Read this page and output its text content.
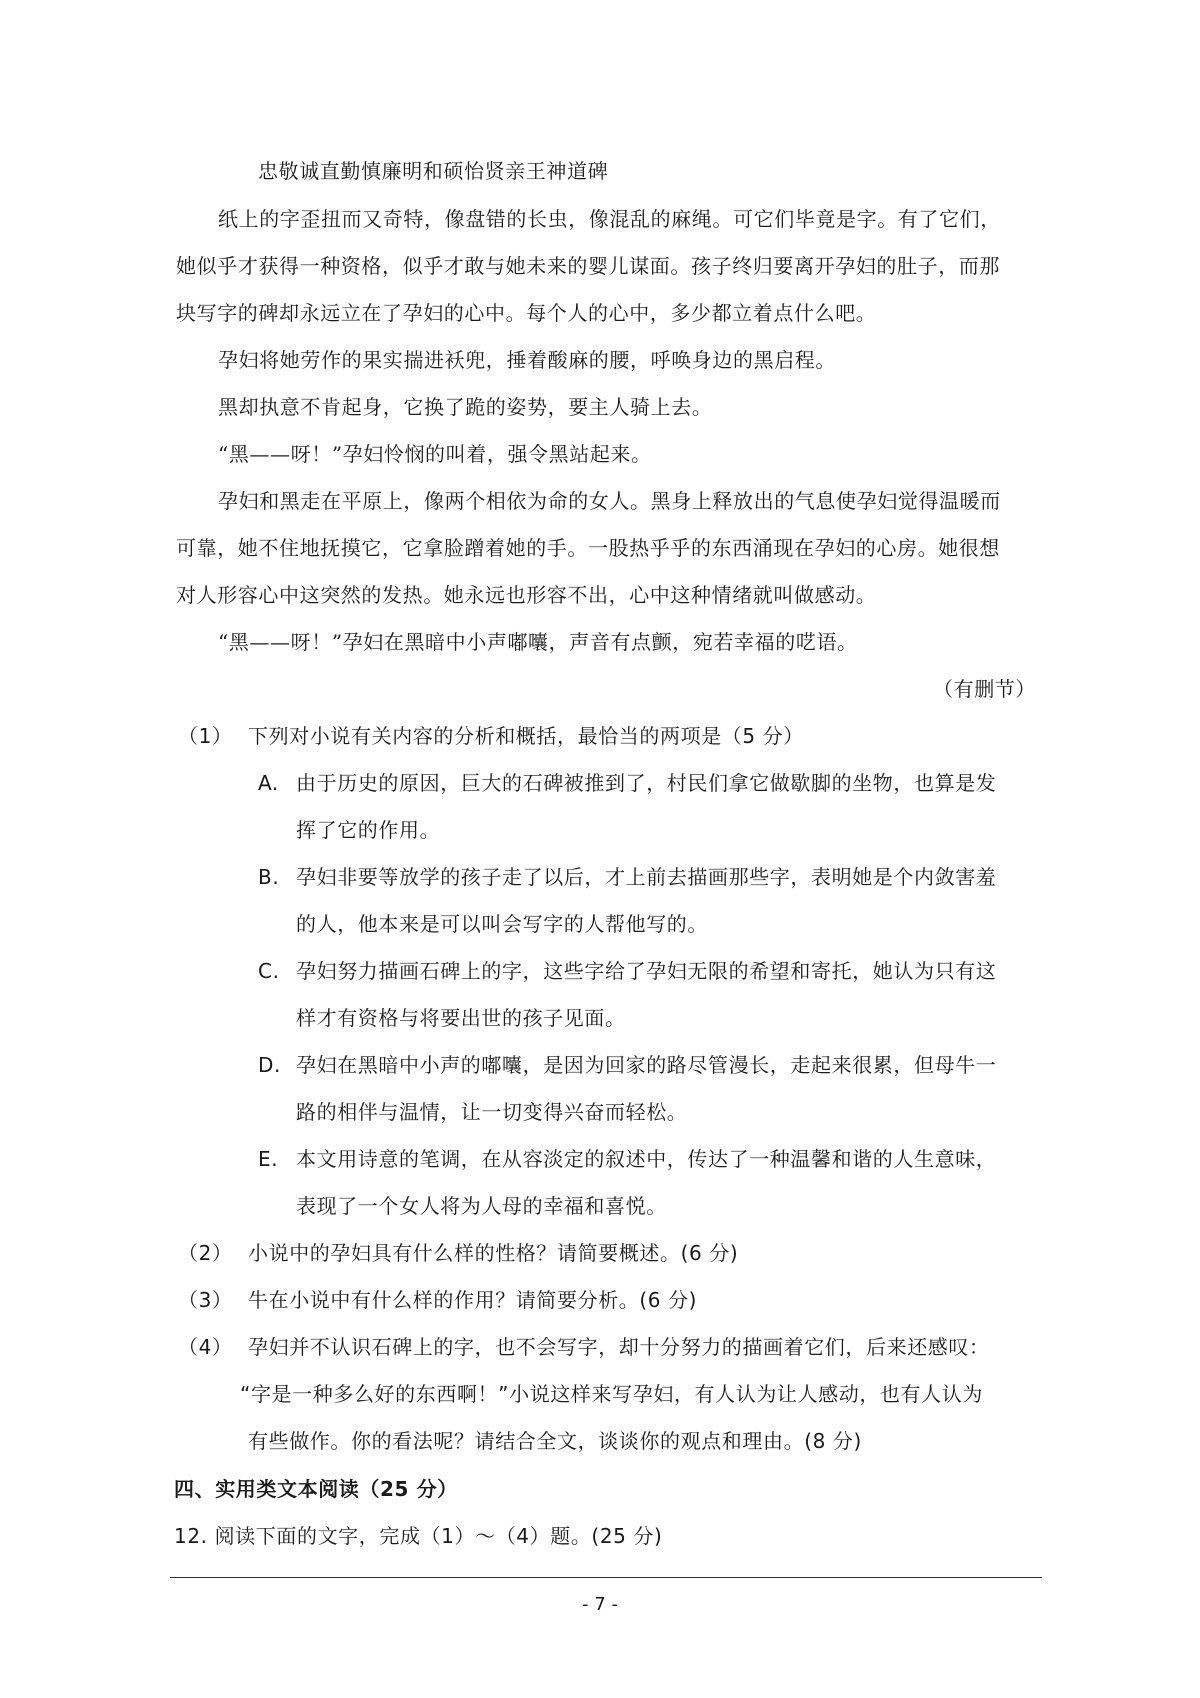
忠敬诚直勤慎廉明和硕怡贤亲王神道碑
纸上的字歪扭而又奇特，像盘错的长虫，像混乱的麻绳。可它们毕竟是字。有了它们，
她似乎才获得一种资格，似乎才敢与她未来的婴儿谋面。孩子终归要离开孕妇的肚子，而那
块写字的碑却永远立在了孕妇的心中。每个人的心中，多少都立着点什么吧。
孕妇将她劳作的果实揣进袄兜，捶着酸麻的腰，呼唤身边的黑启程。
黑却执意不肯起身，它换了跪的姿势，要主人骑上去。
“黑——呀！”孕妇怜悯的叫着，强令黑站起来。
孕妇和黑走在平原上，像两个相依为命的女人。黑身上释放出的气息使孕妇觉得温暖而
可靠，她不住地抚摸它，它拿脸蹭着她的手。一股热乎乎的东西涌现在孕妇的心房。她很想
对人形容心中这突然的发热。她永远也形容不出，心中这种情绪就叫做感动。
“黑——呀！”孕妇在黑暗中小声嘟囔，声音有点颤，宛若幸福的呓语。
（有删节）
（1） 下列对小说有关内容的分析和概括，最恰当的两项是（5 分）
A. 由于历史的原因，巨大的石碑被推到了，村民们拿它做歇脚的坐物，也算是发
挥了它的作用。
B. 孕妇非要等放学的孩子走了以后，才上前去描画那些字，表明她是个内敛害羞
的人，他本来是可以叫会写字的人帮他写的。
C. 孕妇努力描画石碑上的字，这些字给了孕妇无限的希望和寄托，她认为只有这
样才有资格与将要出世的孩子见面。
D. 孕妇在黑暗中小声的嘟囔，是因为回家的路尽管漫长，走起来很累，但母牛一
路的相伴与温情，让一切变得兴奋而轻松。
E. 本文用诗意的笔调，在从容淡定的叙述中，传达了一种温馨和谐的人生意味，
表现了一个女人将为人母的幸福和喜悦。
（2） 小说中的孕妇具有什么样的性格？请简要概述。(6 分)
（3） 牛在小说中有什么样的作用？请简要分析。(6 分)
（4） 孕妇并不认识石碑上的字，也不会写字，却十分努力的描画着它们，后来还感叹：
“字是一种多么好的东西啊！”小说这样来写孕妇，有人认为让人感动，也有人认为
有些做作。你的看法呢？请结合全文，谈谈你的观点和理由。(8 分)
四、实用类文本阅读（25 分）
12. 阅读下面的文字，完成（1）～（4）题。(25 分)
- 7 -
